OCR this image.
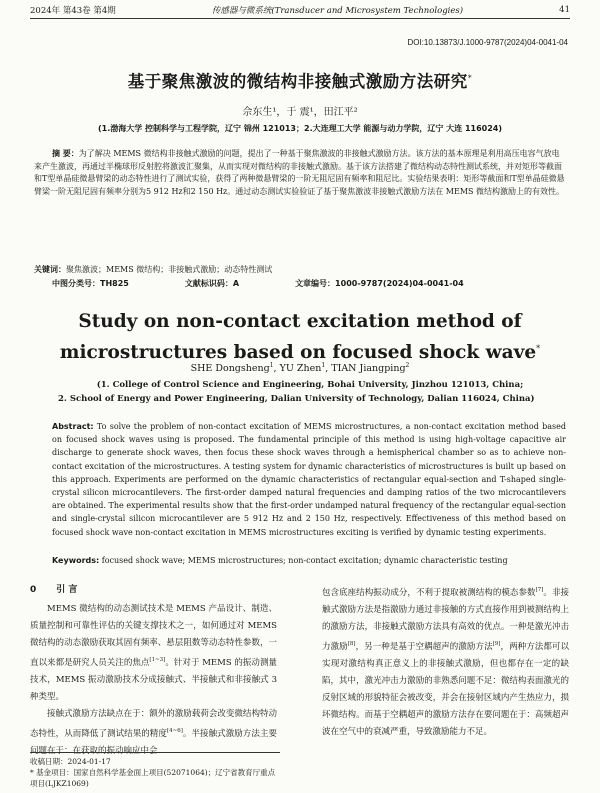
2024年 第43卷 第4期	传感器与微系统(Transducer and Microsystem Technologies)	41
DOI:10.13873/J.1000-9787(2024)04-0041-04
基于聚焦激波的微结构非接触式激励方法研究*
佘东生¹，于 震¹，田江平²
(1.渤海大学 控制科学与工程学院，辽宁 锦州 121013；2.大连理工大学 能源与动力学院，辽宁 大连 116024)
摘 要：为了解决 MEMS 微结构非接触式激励的问题，提出了一种基于聚焦激波的非接触式激励方法。该方法的基本原理是利用高压电容气放电来产生激波，再通过半椭球形反射腔将激波汇聚集，从而实现对微结构的非接触式激励。基于该方法搭建了微结构动态特性测试系统，并对矩形等截面和T型单晶硅微悬臂梁的动态特性进行了测试实验，获得了两种微悬臂梁的一阶无阻尼固有频率和阻尼比。实验结果表明：矩形等截面和T型单晶硅微悬臂梁一阶无阻尼固有频率分别为5 912 Hz和2 150 Hz。通过动态测试实验验证了基于聚焦激波非接触式激励方法在 MEMS 微结构激励上的有效性。
关键词：聚焦激波；MEMS 微结构；非接触式激励；动态特性测试
中图分类号：TH825	文献标识码：A	文章编号：1000-9787(2024)04-0041-04
Study on non-contact excitation method of microstructures based on focused shock wave*
SHE Dongsheng$^1$, YU Zhen$^1$, TIAN Jiangping$^2$
(1. College of Control Science and Engineering, Bohai University, Jinzhou 121013, China;
2. School of Energy and Power Engineering, Dalian University of Technology, Dalian 116024, China)
Abstract: To solve the problem of non-contact excitation of MEMS microstructures, a non-contact excitation method based on focused shock waves using is proposed. The fundamental principle of this method is using high-voltage capacitive air discharge to generate shock waves, then focus these shock waves through a hemispherical chamber so as to achieve non-contact excitation of the microstructures. A testing system for dynamic characteristics of microstructures is built up based on this approach. Experiments are performed on the dynamic characteristics of rectangular equal-section and T-shaped single-crystal silicon microcantilevers. The first-order damped natural frequencies and damping ratios of the two microcantilevers are obtained. The experimental results show that the first-order undamped natural frequency of the rectangular equal-section and single-crystal silicon microcantilever are 5 912 Hz and 2 150 Hz, respectively. Effectiveness of this method based on focused shock wave non-contact excitation in MEMS microstructures exciting is verified by dynamic testing experiments.
Keywords: focused shock wave; MEMS microstructures; non-contact excitation; dynamic characteristic testing
0 引 言

MEMS 微结构的动态测试技术是 MEMS 产品设计、制造、质量控制和可靠性评估的关键支撑技术之一，如何通过对 MEMS 微结构的动态激励获取其固有频率、悬层阻数等动态特性参数，一直以来都是研究人员关注的焦点[1~3]。针对于 MEMS 的振动测量技术，MEMS 振动激励技术分成接触式、半接触式和非接触式 3 种类型。

接触式激励方法缺点在于：额外的激励载荷会改变微结构特动态特性，从而降低了测试结果的精度[4~6]。半接触式激励方法主要问题在于：在获取的振动响应中会

包含底座结构振动成分，不利于提取被测结构的模态参数[7]。非接触式激励方法是指激励力通过非接触的方式直接作用到被测结构上的激励方法，非接触式激励方法具有高效的优点。一种是激光冲击力激励[8]，另一种是基于空耦超声的激励方法[9]，两种方法都可以实现对激结构真正意义上的非接触式激励，但也都存在一定的缺陷，其中，激光冲击力激励的非熟悉问题不足：微结构表面激光的反射区域的形貌特征会被改变，并会在接射区域内产生热应力，损坏微结构。而基于空耦超声的激励方法存在要问题在于：高频超声波在空气中的衰减严重，导致激励能力不足。

收稿日期：2024-01-17
* 基金项目：国家自然科学基金面上项目(52071064)；辽宁省教育厅重点项目(LJKZ1069)
